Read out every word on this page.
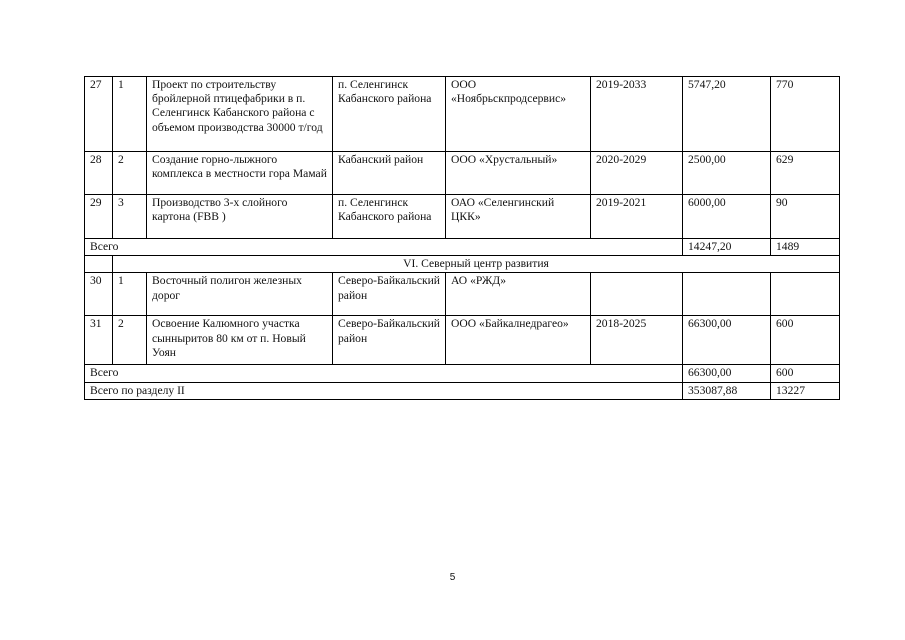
27	1	Проект по строительству бройлерной птицефабрики в п. Селенгинск Кабанского района с объемом производства 30000 т/год	п. Селенгинск Кабанского района	ООО «Ноябрьскпродсервис»	2019-2033	5747,20	770
28	2	Создание горно-лыжного комплекса в местности гора Мамай	Кабанский район	ООО «Хрустальный»	2020-2029	2500,00	629
29	3	Производство 3-х слойного картона (FBB )	п. Селенгинск Кабанского района	ОАО «Селенгинский ЦКК»	2019-2021	6000,00	90
Всего						14247,20	1489
	VI. Северный центр развития						
30	1	Восточный полигон железных дорог	Северо-Байкальский район	АО «РЖД»			
31	2	Освоение Калюмного участка сынныритов 80 км от п. Новый Уоян	Северо-Байкальский район	ООО «Байкалнедрагео»	2018-2025	66300,00	600
Всего						66300,00	600
Всего по разделу II						353087,88	13227
5
